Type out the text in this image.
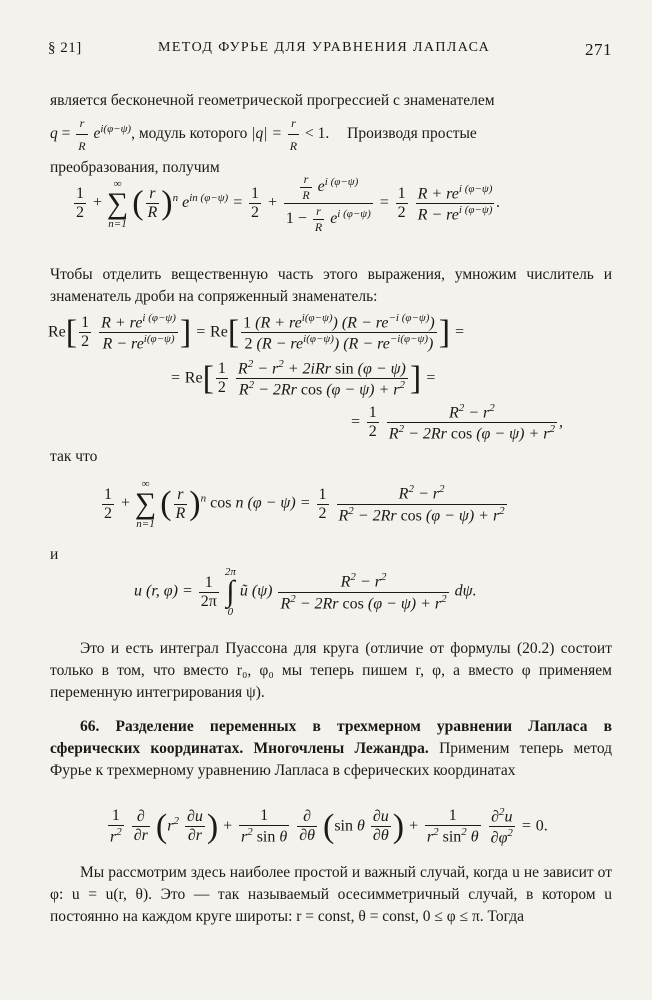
§ 21]	МЕТОД ФУРЬЕ ДЛЯ УРАВНЕНИЯ ЛАПЛАСА	271
является бесконечной геометрической прогрессией с знаменателем
$q = \frac{r}{R} e^{i(\varphi-\psi)}$, модуль которого $|q| = \frac{r}{R} < 1$. Производя простые
преобразования, получим
$\frac{1}{2}$ +
∞
∑
n=1
( $\frac{r}{R} )^n$ $e^{in (\varphi-\psi)} = \frac{1}{2} + \frac{\frac{r}{R} e^{i (\varphi-\psi)}}{1 - \frac{r}{R} e^{i (\varphi-\psi)}} = \frac{1}{2}$
$\frac{R + re^{i (\varphi-\psi)}}{R - re^{i (\varphi-\psi)}}$ .
Чтобы отделить вещественную часть этого выражения, умножим числитель и знаменатель дроби на сопряженный знаменатель:
$Re[ \frac{1}{2}$
$\frac{R + re^{i (\varphi-\psi)}}{R - re^{i(\varphi-\psi)}}$ ] = $Re[ \frac{1 (R + re^{i(\varphi-\psi)}) (R - re^{-i (\varphi-\psi)})}{2 (R - re^{i(\varphi-\psi)}) (R - re^{-i(\varphi-\psi)})}$ ] =
= $Re[ \frac{1}{2}$
$\frac{R^2 - r^2 + 2iRr \sin (\varphi - \psi)}{R^2 - 2Rr \cos (\varphi - \psi) + r^2}$ ] =
= $\frac{1}{2}$
$\frac{R^2 - r^2}{R^2 - 2Rr \cos (\varphi - \psi) + r^2}$ ,
так что
$\frac{1}{2}$ +
∞
∑
n=1
( $\frac{r}{R} )^n$ cos n $(\varphi - \psi) = \frac{1}{2}$
$\frac{R^2 - r^2}{R^2 - 2Rr \cos (\varphi - \psi) + r^2}$
и
u (r, $\varphi) = \frac{1}{2\pi}$

2π
∫
0
ũ $(\psi) \frac{R^2 - r^2}{R^2 - 2Rr \cos (\varphi - \psi) + r^2} d\psi$.
Это и есть интеграл Пуассона для круга (отличие от формулы (20.2) состоит только в том, что вместо r₀, φ₀ мы теперь пишем r, φ, а вместо φ применяем переменную интегрирования ψ).
66. Разделение переменных в трехмерном уравнении Лапласа в сферических координатах. Многочлены Лежандра. Применим теперь метод Фурье к трехмерному уравнению Лапласа в сферических координатах
$\frac{1}{r^2}$
$\frac{\partial}{\partial r} (r^2 \frac{\partial u}{\partial r}$ ) + $\frac{1}{r^2 \sin \theta}$
$\frac{\partial}{\partial\theta} (\sin$ θ $\frac{\partial u}{\partial\theta}$ ) + $\frac{1}{r^2 \sin^2 \theta}$
$\frac{\partial^2u}{\partial\varphi^2} = 0$.
Мы рассмотрим здесь наиболее простой и важный случай, когда u не зависит от φ: u = u(r, θ). Это — так называемый осесимметричный случай, в котором u постоянно на каждом круге широты: r = const, θ = const, 0 ≤ φ ≤ π. Тогда
